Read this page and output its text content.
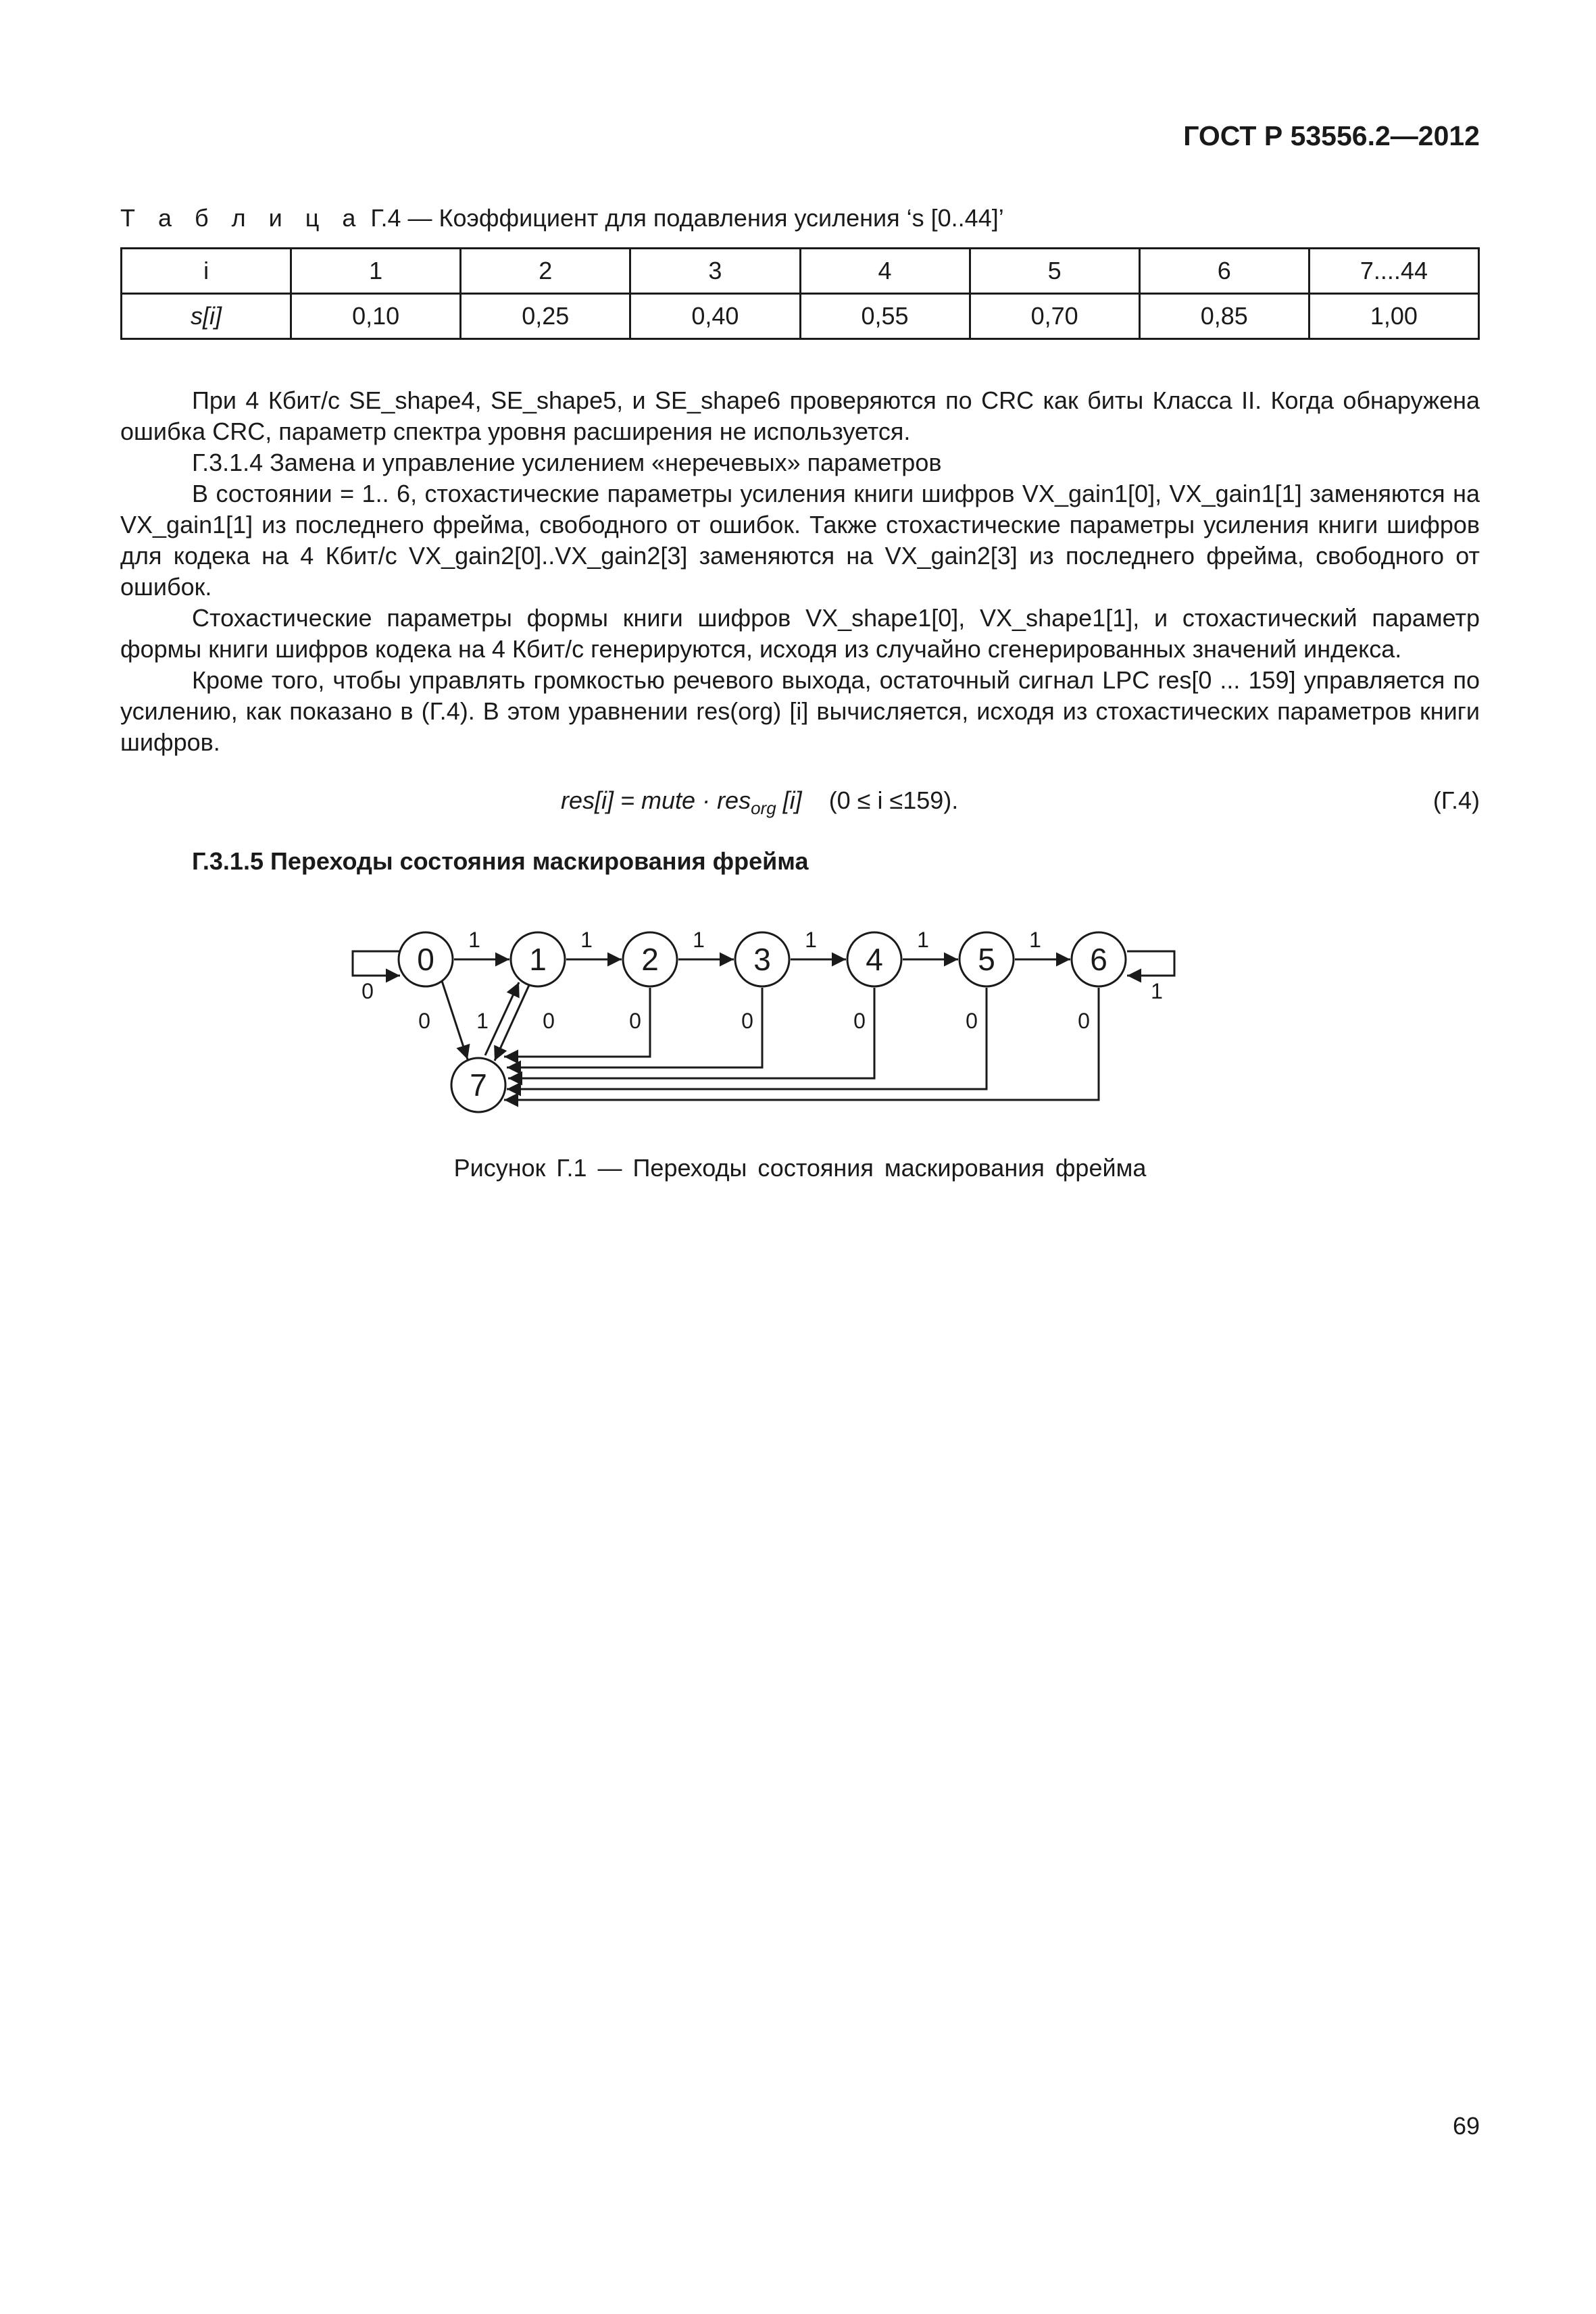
ГОСТ Р 53556.2—2012
Т а б л и ц а Г.4 — Коэффициент для подавления усиления ‘s [0..44]’
i	1	2	3	4	5	6	7....44
s[i]	0,10	0,25	0,40	0,55	0,70	0,85	1,00

При 4 Кбит/с SE_shape4, SE_shape5, и SE_shape6 проверяются по CRC как биты Класса II. Когда обнаружена ошибка CRC, параметр спектра уровня расширения не используется.

Г.3.1.4 Замена и управление усилением «неречевых» параметров

В состоянии = 1.. 6, стохастические параметры усиления книги шифров VX_gain1[0], VX_gain1[1] заменяются на VX_gain1[1] из последнего фрейма, свободного от ошибок. Также стохастические параметры усиления книги шифров для кодека на 4 Кбит/с VX_gain2[0]..VX_gain2[3] заменяются на VX_gain2[3] из последнего фрейма, свободного от ошибок.

Стохастические параметры формы книги шифров VX_shape1[0], VX_shape1[1], и стохастический параметр формы книги шифров кодека на 4 Кбит/с генерируются, исходя из случайно сгенерированных значений индекса.

Кроме того, чтобы управлять громкостью речевого выхода, остаточный сигнал LPC res[0 ... 159] управляется по усилению, как показано в (Г.4). В этом уравнении res(org) [i] вычисляется, исходя из стохастических параметров книги шифров.

res[i] = mute · res$_{org}$ [i] (0 ≤ i ≤159).	(Г.4)
Г.3.1.5 Переходы состояния маскирования фрейма
0	1	2	3	4	5	6
7
1	1	1	1	1	1
0	1
0 1	0	0	0	0	0	0
Рисунок Г.1 — Переходы состояния маскирования фрейма
69
